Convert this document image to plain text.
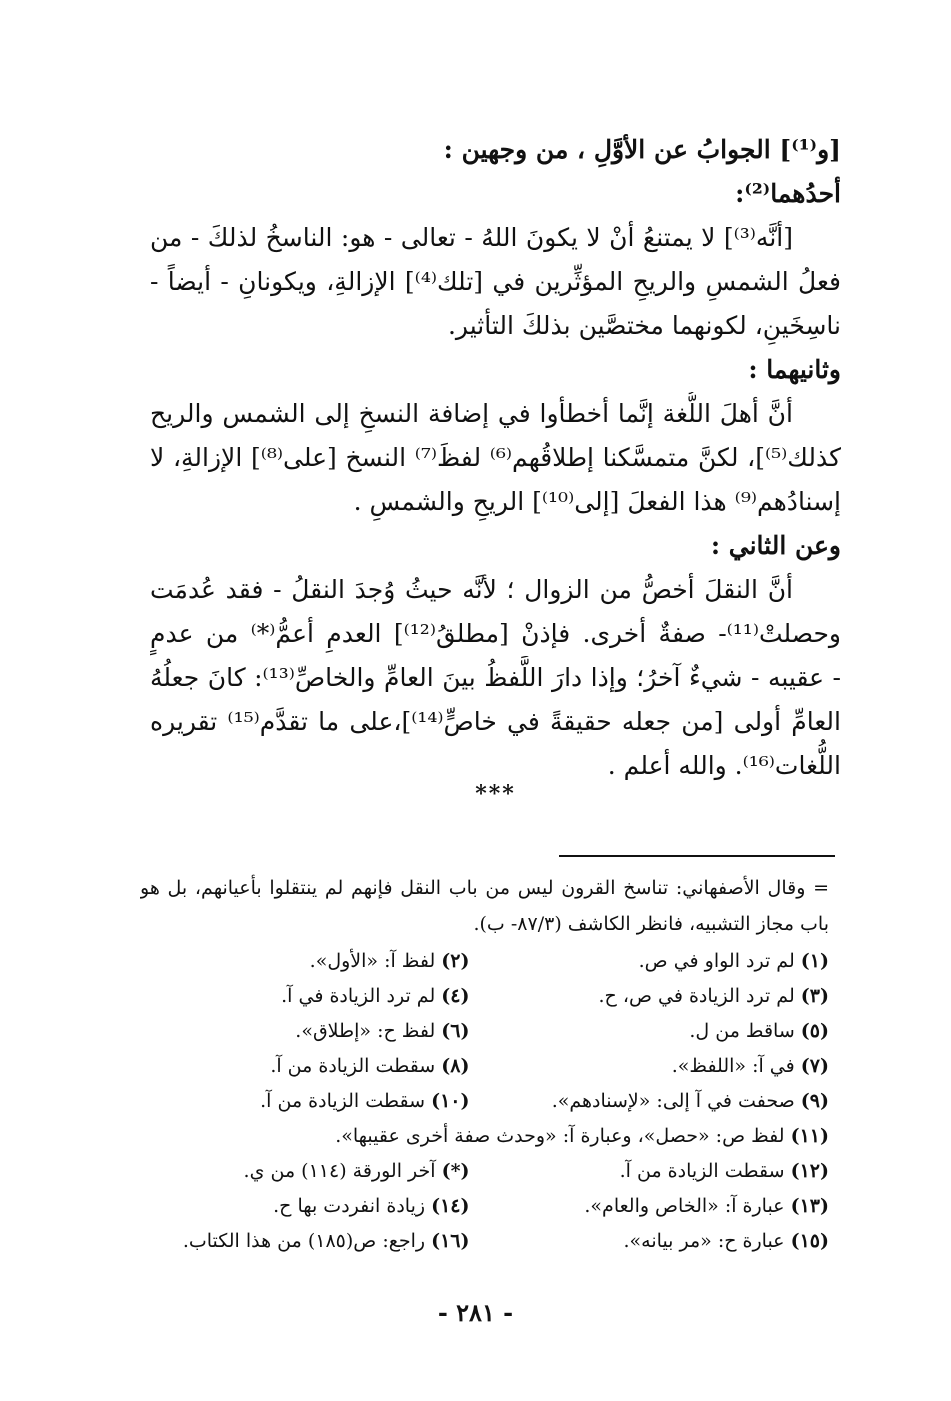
[و⁽¹⁾] الجوابُ عن الأوَّلِ ، من وجهين :
أحدُهما⁽²⁾:
[أنَّه⁽³⁾] لا يمتنعُ أنْ لا يكونَ اللهُ - تعالى - هو: الناسخُ لذلكَ - من
فعلُ الشمسِ والريحِ المؤثِّرين في [تلك⁽⁴⁾] الإزالةِ، ويكونانِ - أيضاً -
ناسِخَينِ، لكونهما مختصَّين بذلكَ التأثير.
وثانيهما :
أنَّ أهلَ اللُّغة إنَّما أخطأوا في إضافة النسخِ إلى الشمس والريح
كذلك⁽⁵⁾]، لكنَّ متمسَّكنا إطلاقُهم⁽⁶⁾ لفظَ⁽⁷⁾ النسخ [على⁽⁸⁾] الإزالةِ، لا
إسنادُهم⁽⁹⁾ هذا الفعلَ [إلى⁽¹⁰⁾] الريحِ والشمسِ .
وعن الثاني :
أنَّ النقلَ أخصُّ من الزوال ؛ لأنَّه حيثُ وُجدَ النقلُ - فقد عُدمَت
وحصلتْ⁽¹¹⁾- صفةٌ أخرى. فإذنْ [مطلقُ⁽¹²⁾] العدمِ أعمُّ⁽*⁾ من عدمٍ
- عقيبه - شيءٌ آخرُ؛ وإذا دارَ اللَّفظُ بينَ العامِّ والخاصِّ⁽¹³⁾: كانَ جعلُهُ
العامِّ أولى [من جعله حقيقةً في خاصٍّ⁽¹⁴⁾]،على ما تقدَّم⁽¹⁵⁾ تقريره
اللُّغات⁽¹⁶⁾. والله أعلم .
***
= وقال الأصفهاني: تناسخ القرون ليس من باب النقل فإنهم لم ينتقلوا بأعيانهم، بل هو
باب مجاز التشبيه، فانظر الكاشف (٨٧/٣- ب).
(١) لم ترد الواو في ص.
(٢) لفظ آ: «الأول».
(٣) لم ترد الزيادة في ص، ح.
(٤) لم ترد الزيادة في آ.
(٥) ساقط من ل.
(٦) لفظ ح: «إطلاق».
(٧) في آ: «اللفظ».
(٨) سقطت الزيادة من آ.
(٩) صحفت في آ إلى: «لإسنادهم».
(١٠) سقطت الزيادة من آ.
(١١) لفظ ص: «حصل»، وعبارة آ: «وحدث صفة أخرى عقيبها».
(١٢) سقطت الزيادة من آ.
(*) آخر الورقة (١١٤) من ي.
(١٣) عبارة آ: «الخاص والعام».
(١٤) زيادة انفردت بها ح.
(١٥) عبارة ح: «مر بيانه».
(١٦) راجع: ص(١٨٥) من هذا الكتاب.
- ٢٨١ -
